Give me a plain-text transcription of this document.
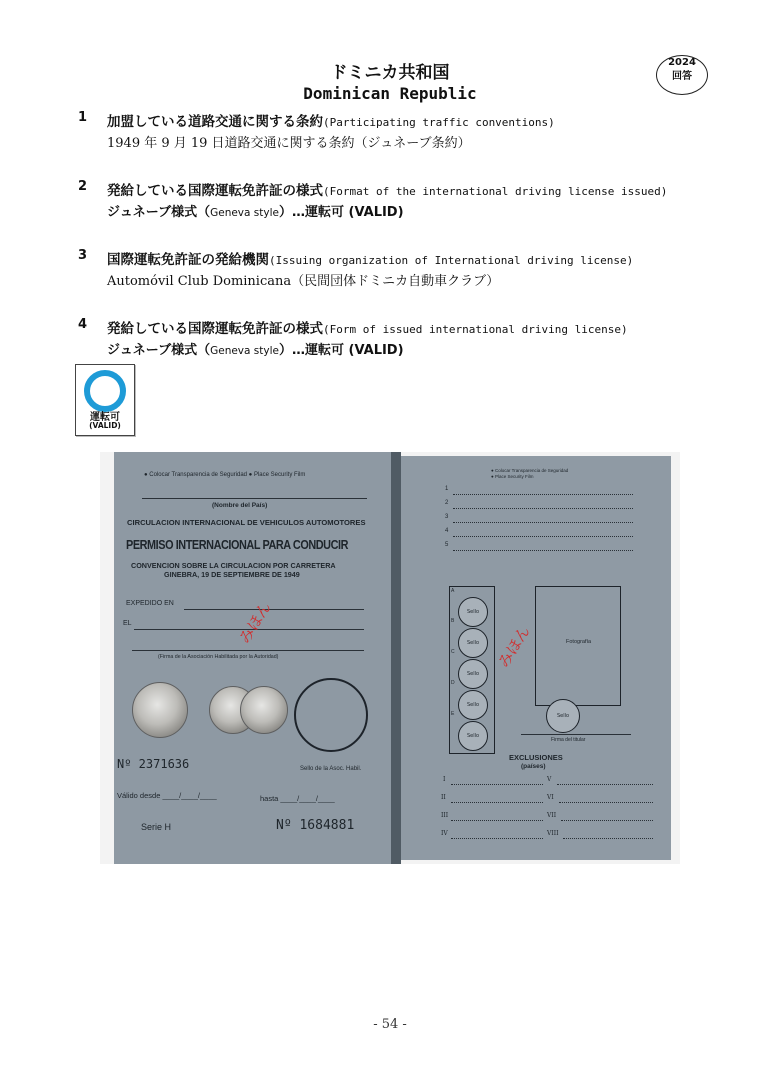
ドミニカ共和国
Dominican Republic
2024
回答
1 加盟している道路交通に関する条約(Participating traffic conventions)
1949 年 9 月 19 日道路交通に関する条約（ジュネーブ条約）
2 発給している国際運転免許証の様式(Format of the international driving license issued)
ジュネーブ様式（Geneva style）…運転可 (VALID)
3 国際運転免許証の発給機関(Issuing organization of International driving license)
Automóvil Club Dominicana（民間団体ドミニカ自動車クラブ）
4 発給している国際運転免許証の様式(Form of issued international driving license)
ジュネーブ様式（Geneva style）…運転可 (VALID)
運転可
(VALID)
● Colocar Transparencia de Seguridad ● Place Security Film
(Nombre del País)
CIRCULACION INTERNACIONAL DE VEHICULOS AUTOMOTORES
PERMISO INTERNACIONAL PARA CONDUCIR
CONVENCION SOBRE LA CIRCULACION POR CARRETERA
GINEBRA, 19 DE SEPTIEMBRE DE 1949
EXPEDIDO EN
EL
(Firma de la Asociación Habilitada por la Autoridad)
Nº 2371636	Sello de la Asoc. Habil.
Válido desde ____/____/____	hasta ____/____/____
Serie H	Nº 1684881
みほん
● Colocar Transparencia de Seguridad
● Place Security Film
1
2
3
4
5
Sello
Sello
Sello
Sello
Sello
A
B
C
D
E
Fotografía
Sello
Firma del titular
EXCLUSIONES
(países)
I	V
II	VI
III	VII
IV	VIII
みほん
- 54 -
